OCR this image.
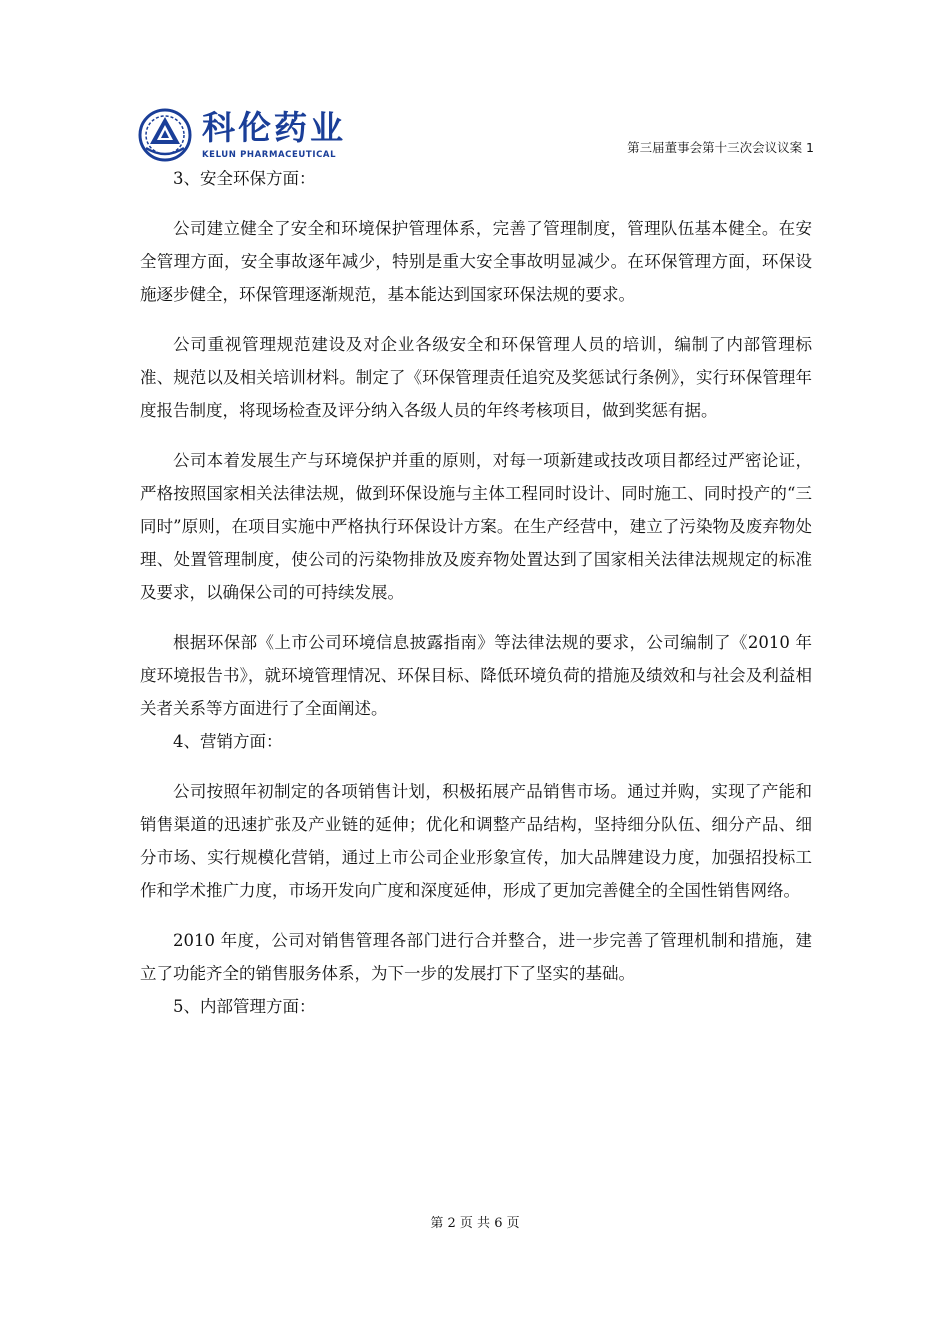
科伦药业
KELUN PHARMACEUTICAL	第三届董事会第十三次会议议案 1

3、安全环保方面：

公司建立健全了安全和环境保护管理体系，完善了管理制度，管理队伍基本健全。在安全管理方面，安全事故逐年减少，特别是重大安全事故明显减少。在环保管理方面，环保设施逐步健全，环保管理逐渐规范，基本能达到国家环保法规的要求。

公司重视管理规范建设及对企业各级安全和环保管理人员的培训，编制了内部管理标准、规范以及相关培训材料。制定了《环保管理责任追究及奖惩试行条例》，实行环保管理年度报告制度，将现场检查及评分纳入各级人员的年终考核项目，做到奖惩有据。

公司本着发展生产与环境保护并重的原则，对每一项新建或技改项目都经过严密论证，严格按照国家相关法律法规，做到环保设施与主体工程同时设计、同时施工、同时投产的“三同时”原则，在项目实施中严格执行环保设计方案。在生产经营中，建立了污染物及废弃物处理、处置管理制度，使公司的污染物排放及废弃物处置达到了国家相关法律法规规定的标准及要求，以确保公司的可持续发展。

根据环保部《上市公司环境信息披露指南》等法律法规的要求，公司编制了《2010 年度环境报告书》，就环境管理情况、环保目标、降低环境负荷的措施及绩效和与社会及利益相关者关系等方面进行了全面阐述。

4、营销方面：

公司按照年初制定的各项销售计划，积极拓展产品销售市场。通过并购，实现了产能和销售渠道的迅速扩张及产业链的延伸；优化和调整产品结构，坚持细分队伍、细分产品、细分市场、实行规模化营销，通过上市公司企业形象宣传，加大品牌建设力度，加强招投标工作和学术推广力度，市场开发向广度和深度延伸，形成了更加完善健全的全国性销售网络。

2010 年度，公司对销售管理各部门进行合并整合，进一步完善了管理机制和措施，建立了功能齐全的销售服务体系，为下一步的发展打下了坚实的基础。

5、内部管理方面：

第 2 页 共 6 页
